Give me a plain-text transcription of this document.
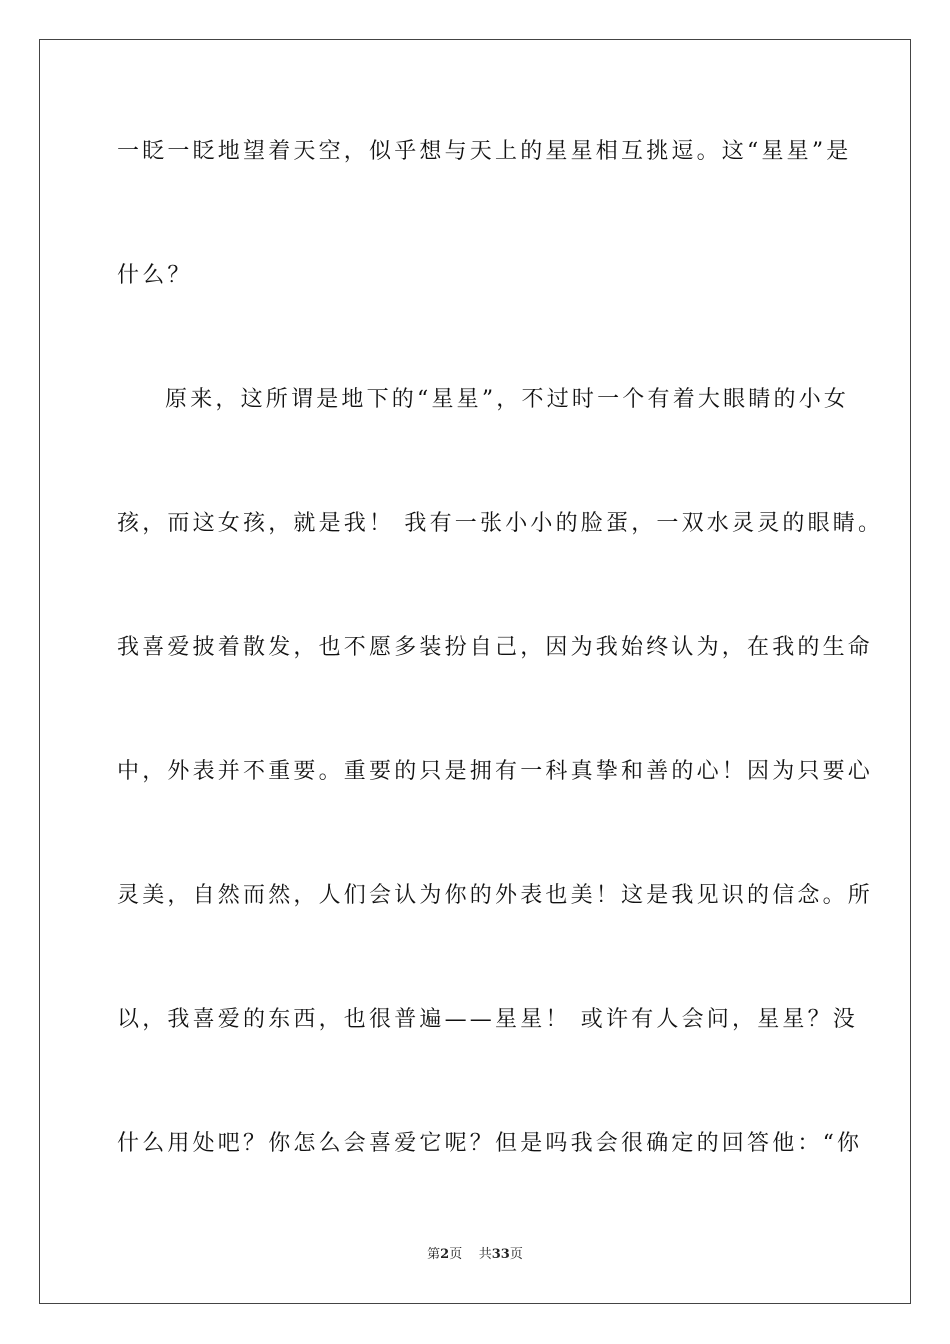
一眨一眨地望着天空，似乎想与天上的星星相互挑逗。这“星星”是
什么？
原来，这所谓是地下的“星星”，不过时一个有着大眼睛的小女
孩，而这女孩，就是我！ 我有一张小小的脸蛋，一双水灵灵的眼睛。
我喜爱披着散发，也不愿多装扮自己，因为我始终认为，在我的生命
中，外表并不重要。重要的只是拥有一科真挚和善的心！因为只要心
灵美，自然而然，人们会认为你的外表也美！这是我见识的信念。所
以，我喜爱的东西，也很普遍——星星！ 或许有人会问，星星？没
什么用处吧？你怎么会喜爱它呢？但是吗我会很确定的回答他：“你
第2页 共33页
